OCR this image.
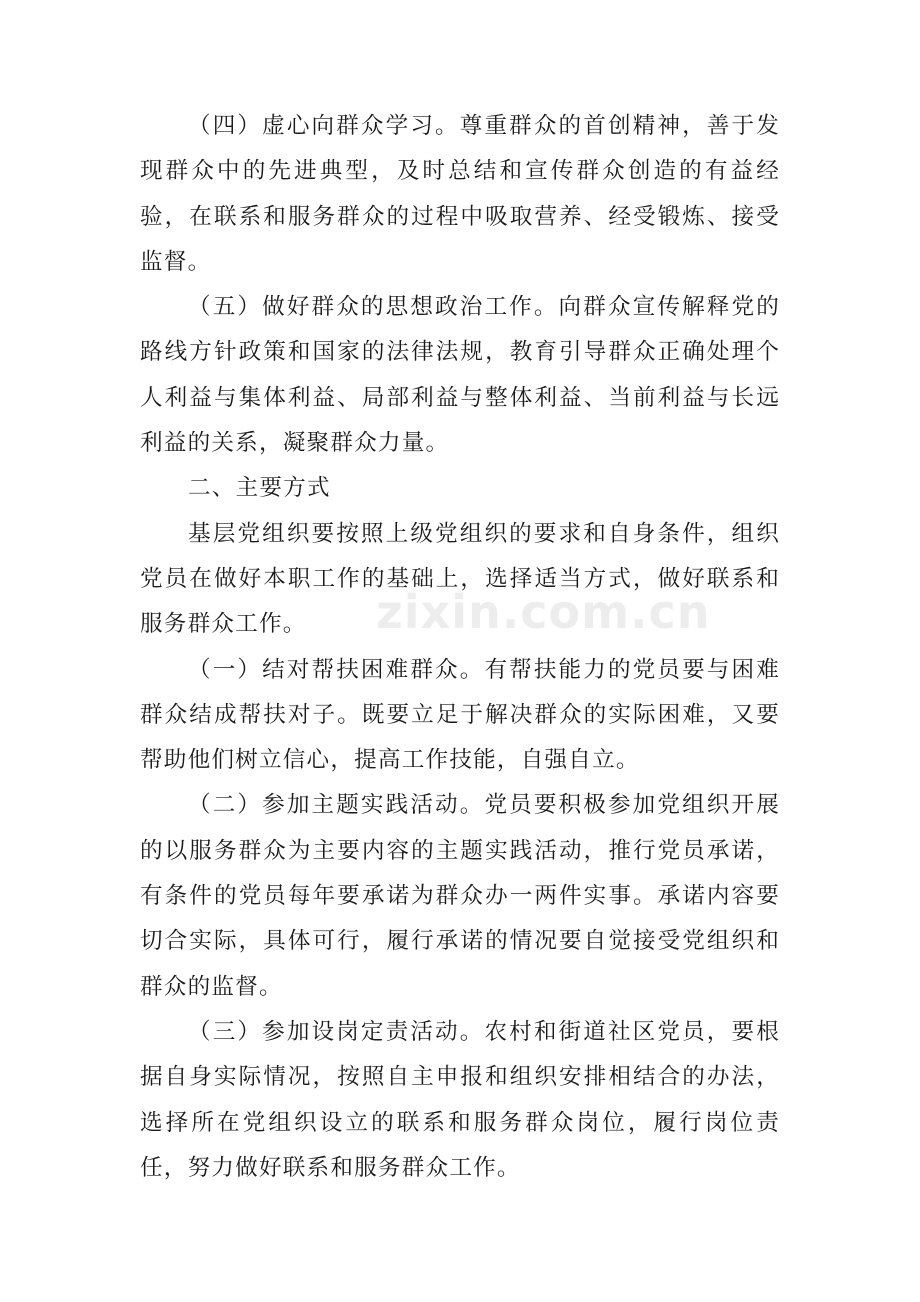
（四）虚心向群众学习。尊重群众的首创精神，善于发现群众中的先进典型，及时总结和宣传群众创造的有益经验，在联系和服务群众的过程中吸取营养、经受锻炼、接受监督。

（五）做好群众的思想政治工作。向群众宣传解释党的路线方针政策和国家的法律法规，教育引导群众正确处理个人利益与集体利益、局部利益与整体利益、当前利益与长远利益的关系，凝聚群众力量。

二、主要方式

基层党组织要按照上级党组织的要求和自身条件，组织党员在做好本职工作的基础上，选择适当方式，做好联系和服务群众工作。

（一）结对帮扶困难群众。有帮扶能力的党员要与困难群众结成帮扶对子。既要立足于解决群众的实际困难，又要帮助他们树立信心，提高工作技能，自强自立。

（二）参加主题实践活动。党员要积极参加党组织开展的以服务群众为主要内容的主题实践活动，推行党员承诺，有条件的党员每年要承诺为群众办一两件实事。承诺内容要切合实际，具体可行，履行承诺的情况要自觉接受党组织和群众的监督。

（三）参加设岗定责活动。农村和街道社区党员，要根据自身实际情况，按照自主申报和组织安排相结合的办法，选择所在党组织设立的联系和服务群众岗位，履行岗位责任，努力做好联系和服务群众工作。

zixin.com.cn
